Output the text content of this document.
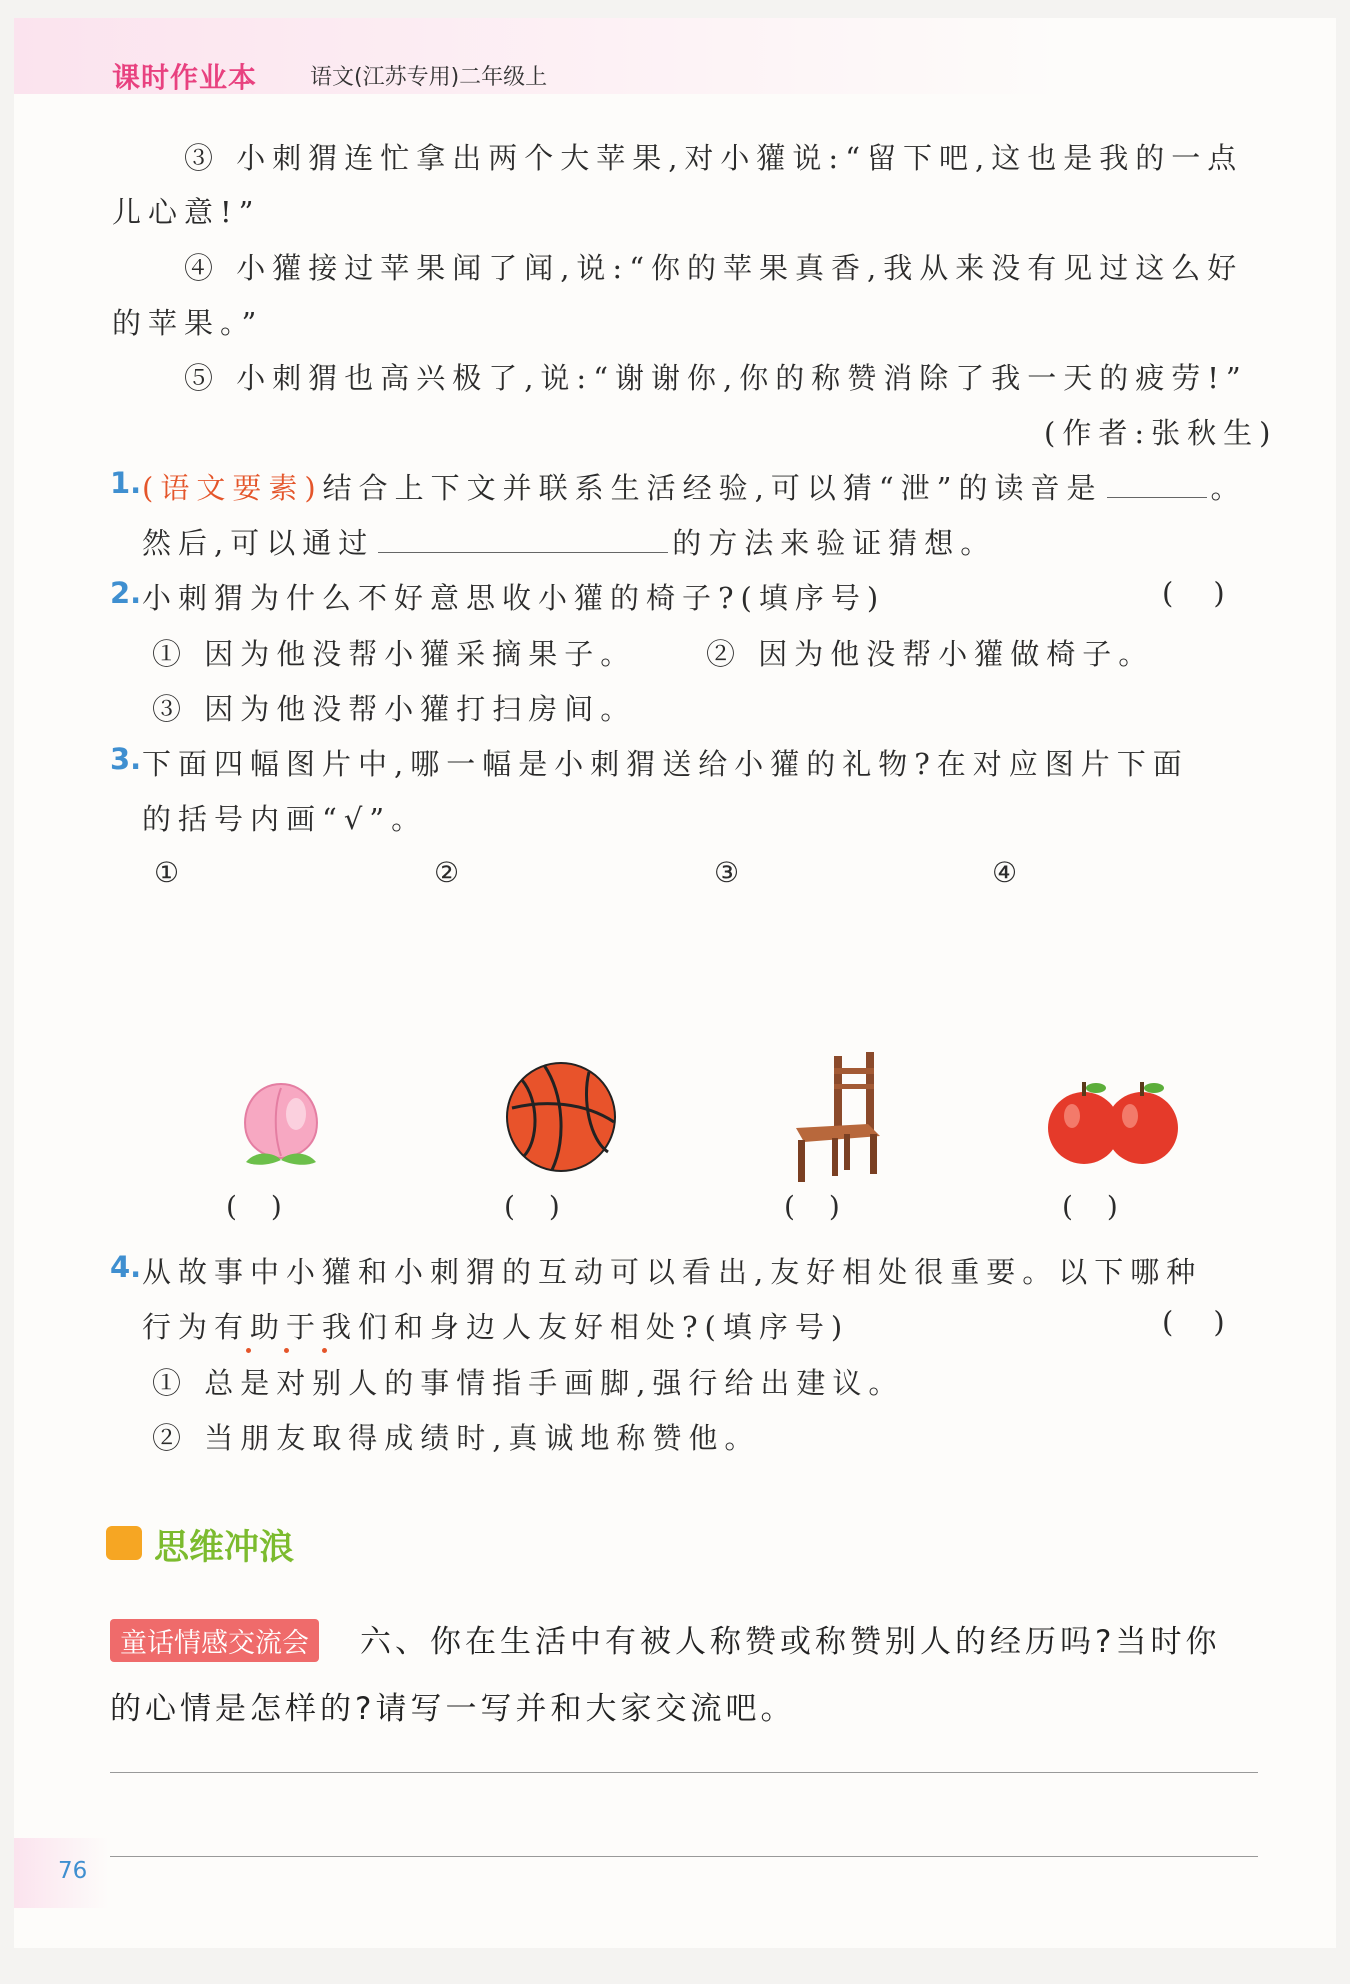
课时作业本 语文(江苏专用)二年级上
③ 小刺猬连忙拿出两个大苹果,对小獾说:“留下吧,这也是我的一点
儿心意!”
④ 小獾接过苹果闻了闻,说:“你的苹果真香,我从来没有见过这么好
的苹果。”
⑤ 小刺猬也高兴极了,说:“谢谢你,你的称赞消除了我一天的疲劳!”
(作者:张秋生)
1. (语文要素)结合上下文并联系生活经验,可以猜“泄”的读音是	。
然后,可以通过	的方法来验证猜想。
2. 小刺猬为什么不好意思收小獾的椅子?(填序号)	()
① 因为他没帮小獾采摘果子。 ② 因为他没帮小獾做椅子。
③ 因为他没帮小獾打扫房间。
3. 下面四幅图片中,哪一幅是小刺猬送给小獾的礼物?在对应图片下面
的括号内画“√”。
①
()
②
()
③
()
④
()
4. 从故事中小獾和小刺猬的互动可以看出,友好相处很重要。以下哪种
行为有助于我们和身边人友好相处?(填序号)	()
① 总是对别人的事情指手画脚,强行给出建议。
② 当朋友取得成绩时,真诚地称赞他。
思维冲浪
童话情感交流会	六、你在生活中有被人称赞或称赞别人的经历吗?当时你
的心情是怎样的?请写一写并和大家交流吧。
76
